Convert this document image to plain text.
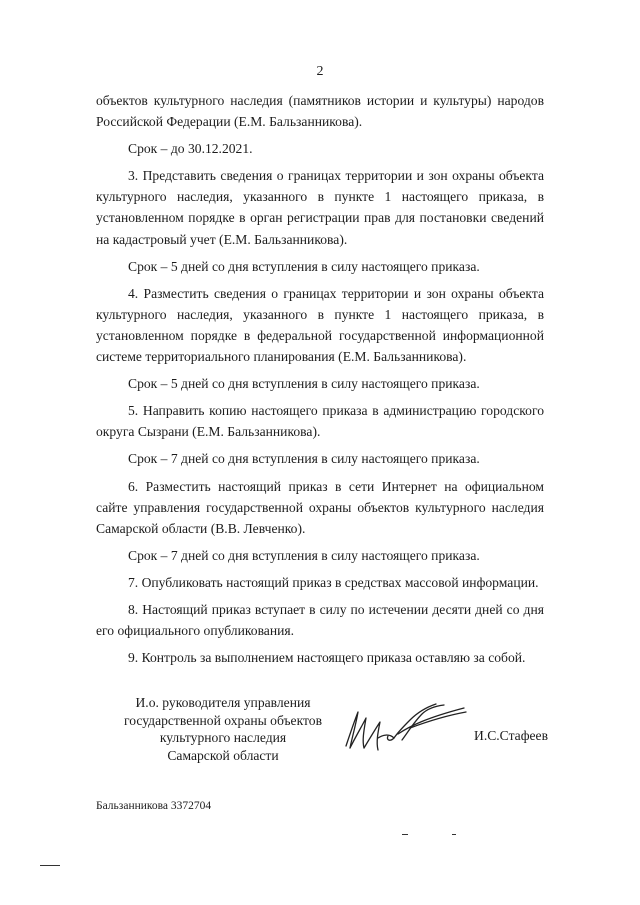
2

объектов культурного наследия (памятников истории и культуры) народов Российской Федерации (Е.М. Бальзанникова).

Срок – до 30.12.2021.

3. Представить сведения о границах территории и зон охраны объекта культурного наследия, указанного в пункте 1 настоящего приказа, в установленном порядке в орган регистрации прав для постановки сведений на кадастровый учет (Е.М. Бальзанникова).

Срок – 5 дней со дня вступления в силу настоящего приказа.

4. Разместить сведения о границах территории и зон охраны объекта культурного наследия, указанного в пункте 1 настоящего приказа, в установленном порядке в федеральной государственной информационной системе территориального планирования (Е.М. Бальзанникова).

Срок – 5 дней со дня вступления в силу настоящего приказа.

5. Направить копию настоящего приказа в администрацию городского округа Сызрани (Е.М. Бальзанникова).

Срок – 7 дней со дня вступления в силу настоящего приказа.

6. Разместить настоящий приказ в сети Интернет на официальном сайте управления государственной охраны объектов культурного наследия Самарской области (В.В. Левченко).

Срок – 7 дней со дня вступления в силу настоящего приказа.

7. Опубликовать настоящий приказ в средствах массовой информации.

8. Настоящий приказ вступает в силу по истечении десяти дней со дня его официального опубликования.

9. Контроль за выполнением настоящего приказа оставляю за собой.

И.о. руководителя управления
государственной охраны объектов
культурного наследия
Самарской области
И.С.Стафеев
Бальзанникова 3372704
